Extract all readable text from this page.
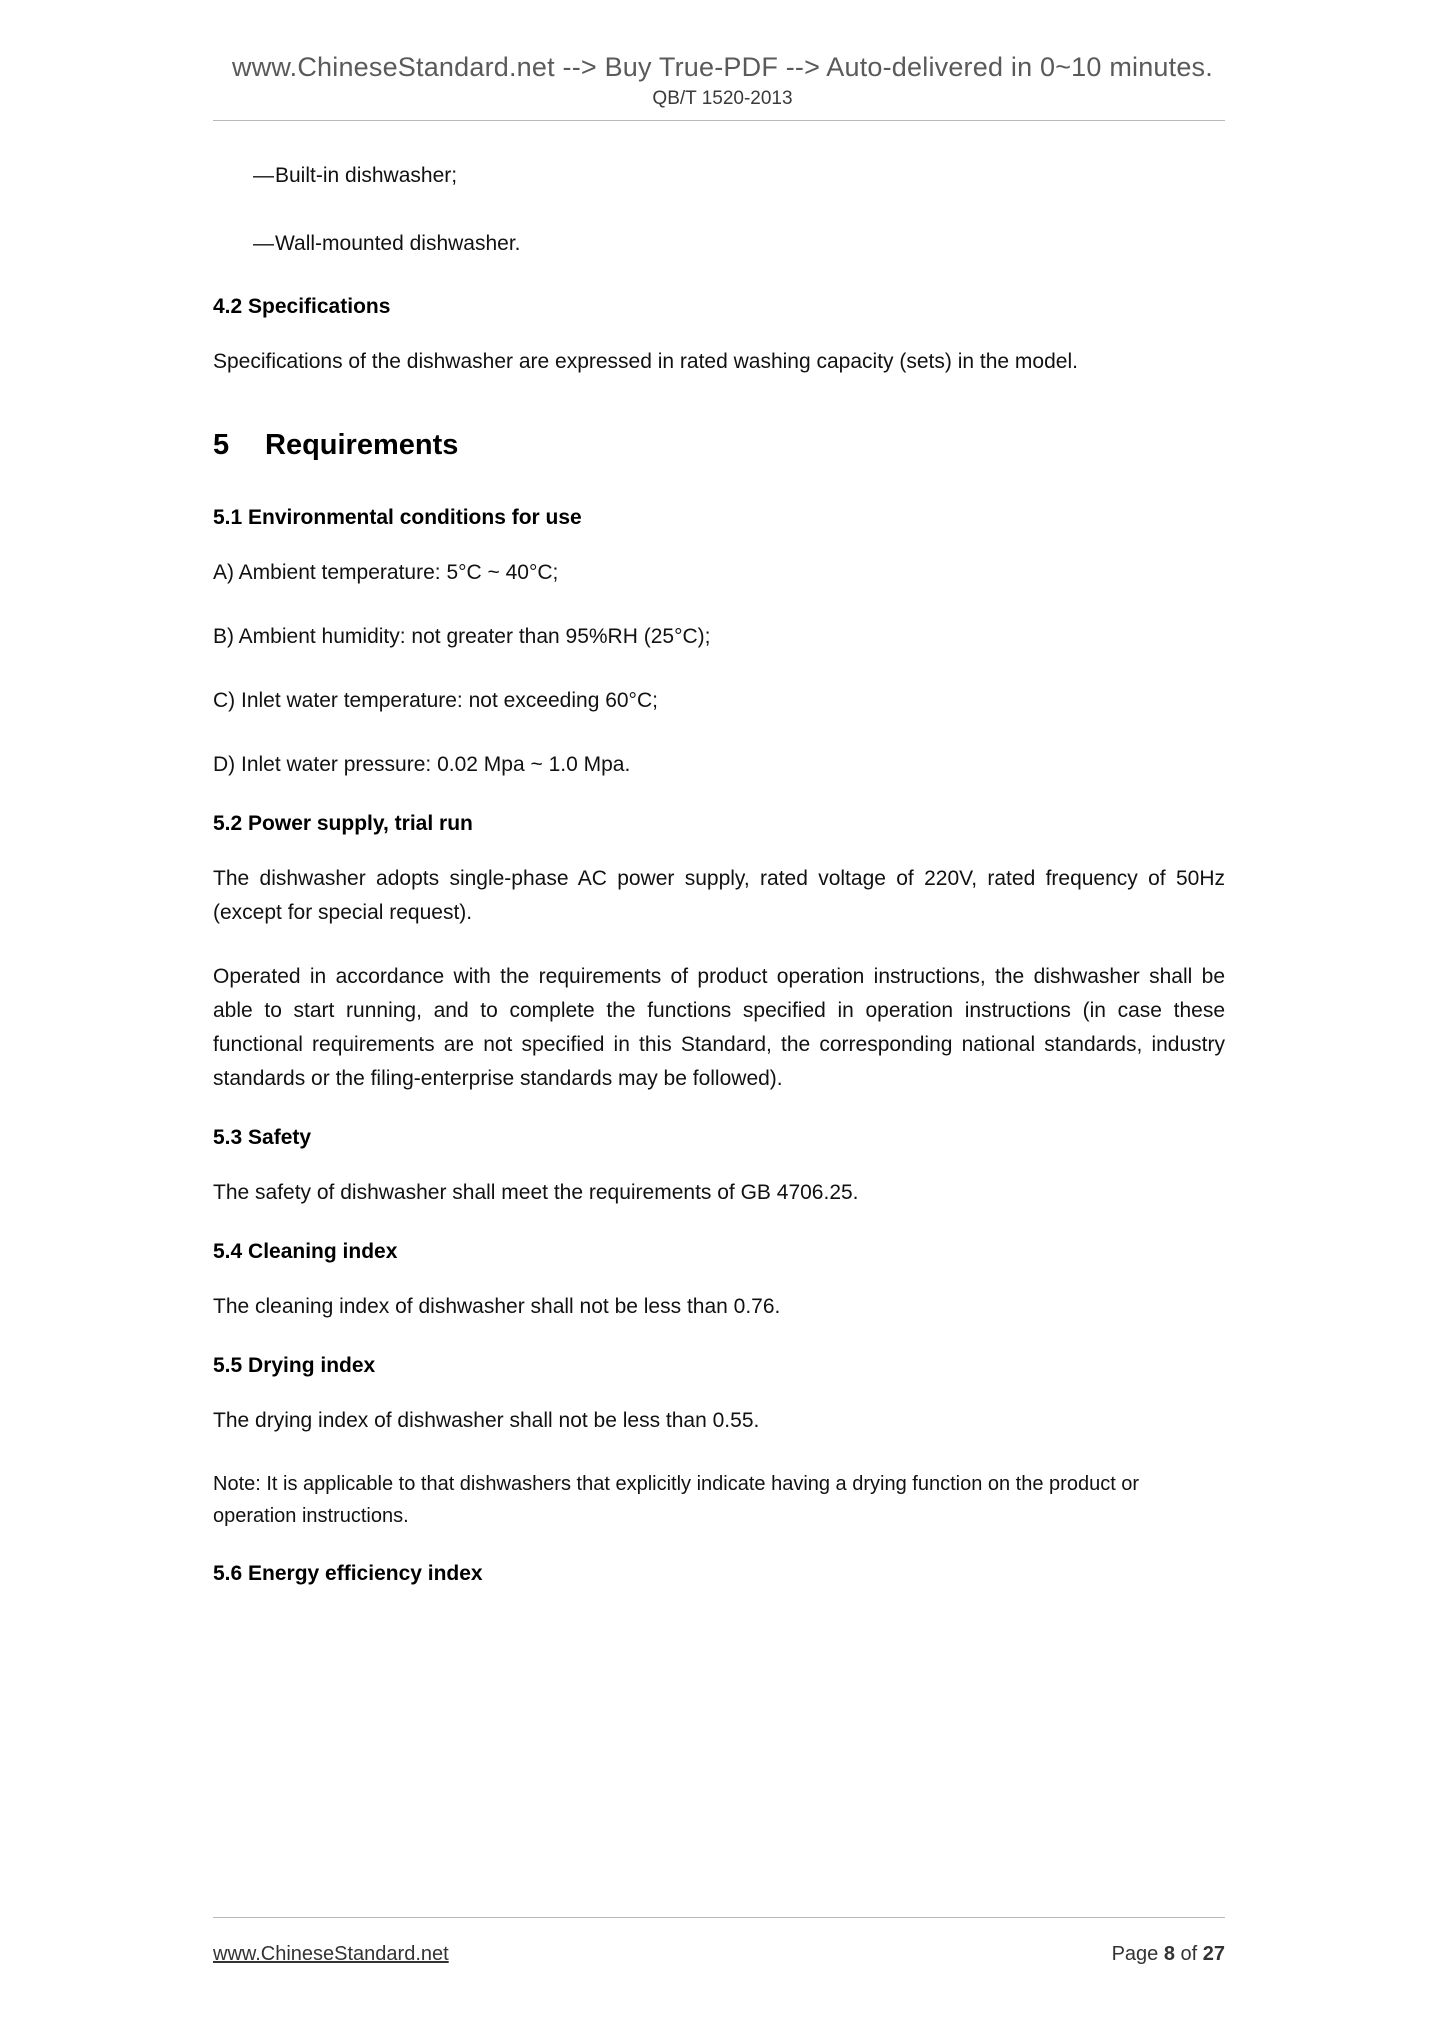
www.ChineseStandard.net --> Buy True-PDF --> Auto-delivered in 0~10 minutes.
QB/T 1520-2013

—Built-in dishwasher;

—Wall-mounted dishwasher.

4.2 Specifications

Specifications of the dishwasher are expressed in rated washing capacity (sets) in the model.

5 Requirements
5.1 Environmental conditions for use

A) Ambient temperature: 5°C ~ 40°C;

B) Ambient humidity: not greater than 95%RH (25°C);

C) Inlet water temperature: not exceeding 60°C;

D) Inlet water pressure: 0.02 Mpa ~ 1.0 Mpa.

5.2 Power supply, trial run

The dishwasher adopts single-phase AC power supply, rated voltage of 220V, rated frequency of 50Hz (except for special request).

Operated in accordance with the requirements of product operation instructions, the dishwasher shall be able to start running, and to complete the functions specified in operation instructions (in case these functional requirements are not specified in this Standard, the corresponding national standards, industry standards or the filing-enterprise standards may be followed).

5.3 Safety

The safety of dishwasher shall meet the requirements of GB 4706.25.

5.4 Cleaning index

The cleaning index of dishwasher shall not be less than 0.76.

5.5 Drying index

The drying index of dishwasher shall not be less than 0.55.

Note: It is applicable to that dishwashers that explicitly indicate having a drying function on the product or operation instructions.

5.6 Energy efficiency index
www.ChineseStandard.net	Page 8 of 27
